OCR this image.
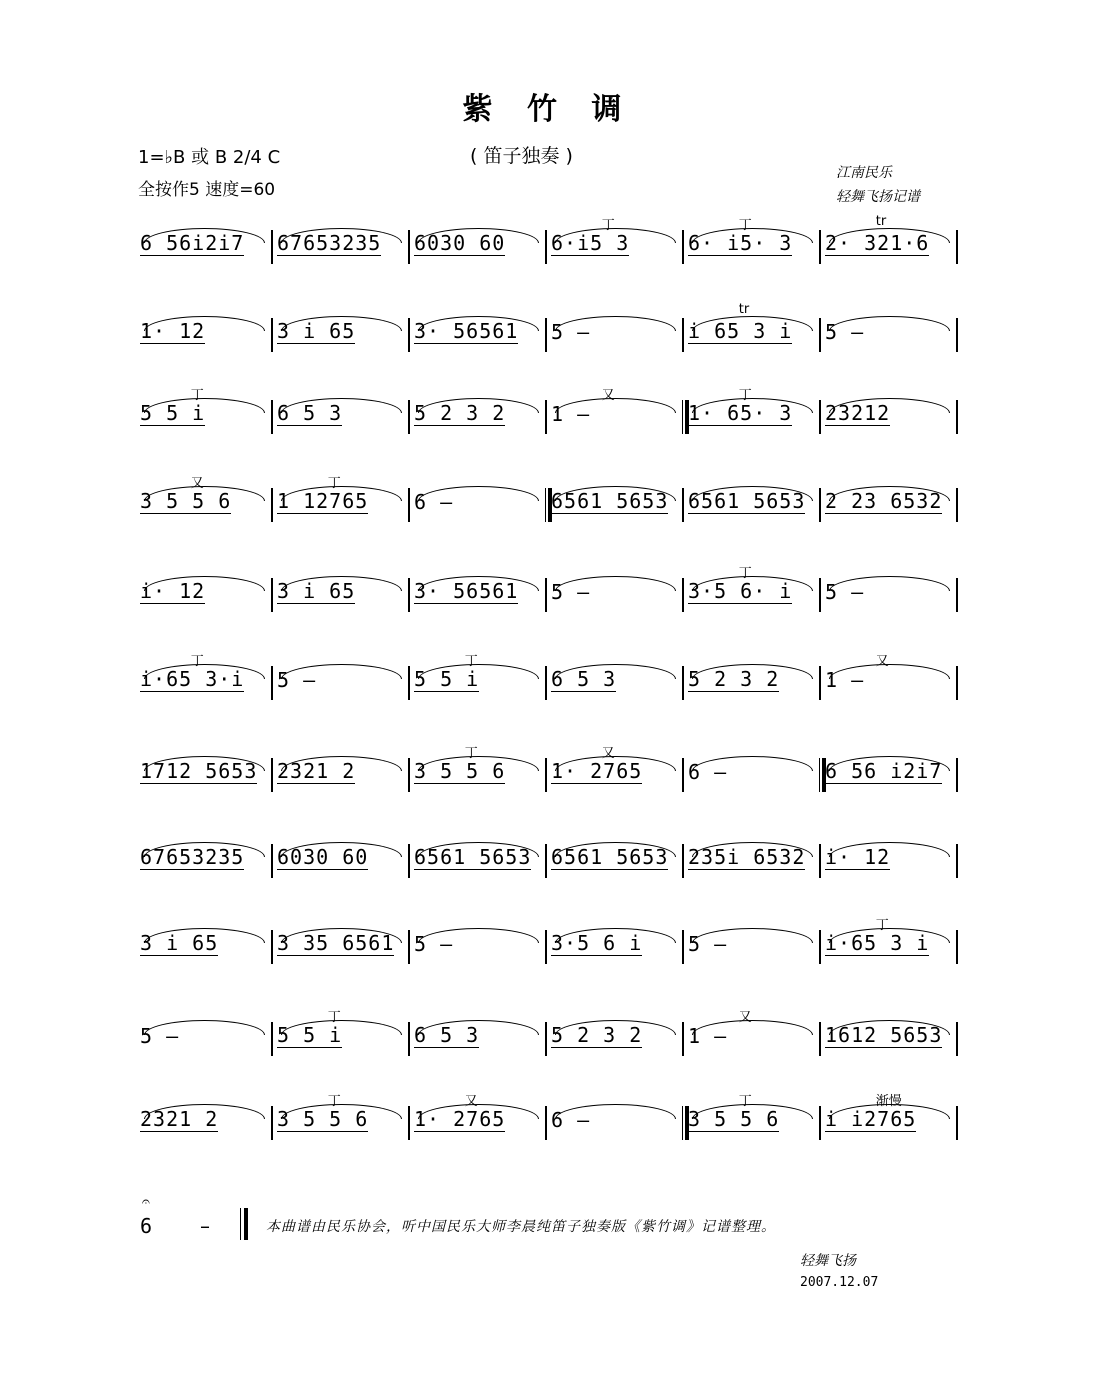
紫 竹 调
1=♭B 或 B 2/4 C
全按作5 速度=60
( 笛子独奏 )
江南民乐
轻舞飞扬记谱
6 56i2i7 67653235 6030 60 6·i5 3
丁
6· i5· 3
丁
2· 321·6
tr
1· 12	3 i 65	3· 56561 5 –	i 65 3 i
tr
5 –
5 5 i
丁
6 5 3	5 2 3 2 1 –
又
1· 65· 3
丁
23212
3 5 5 6
又
1 12765
丁
6 –	6561 5653 6561 5653 2 23 6532
i· 12	3 i 65	3· 56561 5 –	3·5 6· i
丁
5 –
i·65 3·i
丁
5 –	5 5 i
丁
6 5 3	5 2 3 2 1 –
又
1712 5653 2321 2	3 5 5 6
丁
1· 2765
又
6 –	6 56 i2i7
67653235 6030 60 6561 5653 6561 5653 235i 6532 i· 12
3 i 65	3 35 6561 5 –	3·5 6 i 5 –	i·65 3 i
丁
5 –	5 5 i
丁
6 5 3	5 2 3 2 1 –
又
1612 5653
2321 2	3 5 5 6
丁
1· 2765
又
6 –	3 5 5 6
丁
i i2765
渐慢
𝄐
6 –	本曲谱由民乐协会，听中国民乐大师李晨纯笛子独奏版《紫竹调》记谱整理。
轻舞飞扬
2007.12.07
